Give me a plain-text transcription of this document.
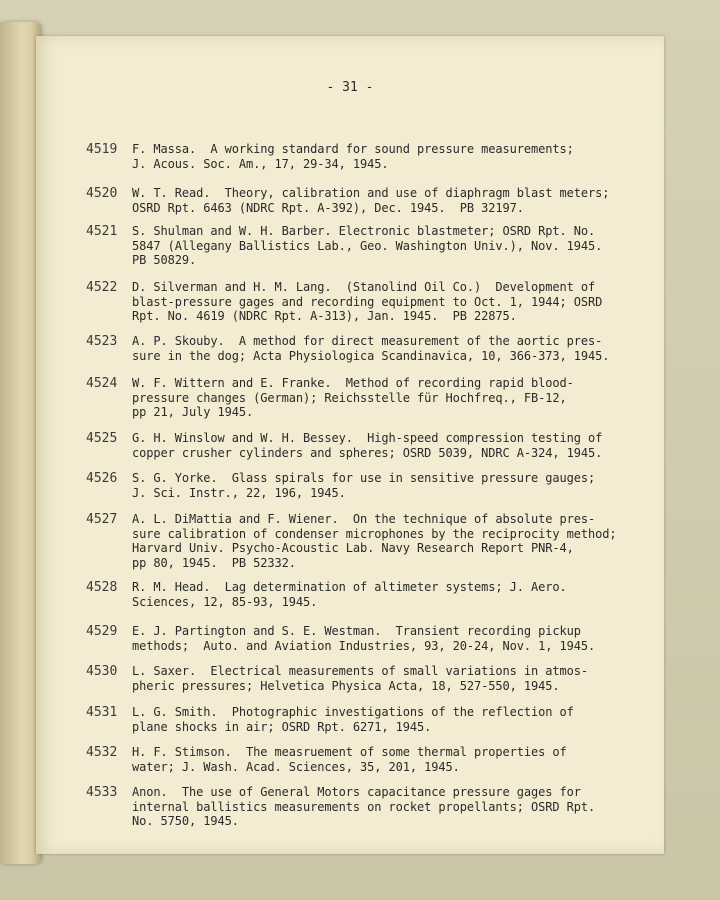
- 31 -
4519 F. Massa.  A working standard for sound pressure measurements;
J. Acous. Soc. Am., 17, 29-34, 1945.

4520 W. T. Read.  Theory, calibration and use of diaphragm blast meters;
OSRD Rpt. 6463 (NDRC Rpt. A-392), Dec. 1945.  PB 32197.

4521 S. Shulman and W. H. Barber. Electronic blastmeter; OSRD Rpt. No.
5847 (Allegany Ballistics Lab., Geo. Washington Univ.), Nov. 1945.
PB 50829.

4522 D. Silverman and H. M. Lang.  (Stanolind Oil Co.)  Development of
blast-pressure gages and recording equipment to Oct. 1, 1944; OSRD
Rpt. No. 4619 (NDRC Rpt. A-313), Jan. 1945.  PB 22875.

4523 A. P. Skouby.  A method for direct measurement of the aortic pres-
sure in the dog; Acta Physiologica Scandinavica, 10, 366-373, 1945.

4524 W. F. Wittern and E. Franke.  Method of recording rapid blood-
pressure changes (German); Reichsstelle für Hochfreq., FB-12,
pp 21, July 1945.

4525 G. H. Winslow and W. H. Bessey.  High-speed compression testing of
copper crusher cylinders and spheres; OSRD 5039, NDRC A-324, 1945.

4526 S. G. Yorke.  Glass spirals for use in sensitive pressure gauges;
J. Sci. Instr., 22, 196, 1945.

4527 A. L. DiMattia and F. Wiener.  On the technique of absolute pres-
sure calibration of condenser microphones by the reciprocity method;
Harvard Univ. Psycho-Acoustic Lab. Navy Research Report PNR-4,
pp 80, 1945.  PB 52332.

4528 R. M. Head.  Lag determination of altimeter systems; J. Aero.
Sciences, 12, 85-93, 1945.

4529 E. J. Partington and S. E. Westman.  Transient recording pickup
methods;  Auto. and Aviation Industries, 93, 20-24, Nov. 1, 1945.

4530 L. Saxer.  Electrical measurements of small variations in atmos-
pheric pressures; Helvetica Physica Acta, 18, 527-550, 1945.

4531 L. G. Smith.  Photographic investigations of the reflection of
plane shocks in air; OSRD Rpt. 6271, 1945.

4532 H. F. Stimson.  The measruement of some thermal properties of
water; J. Wash. Acad. Sciences, 35, 201, 1945.

4533 Anon.  The use of General Motors capacitance pressure gages for
internal ballistics measurements on rocket propellants; OSRD Rpt.
No. 5750, 1945.
